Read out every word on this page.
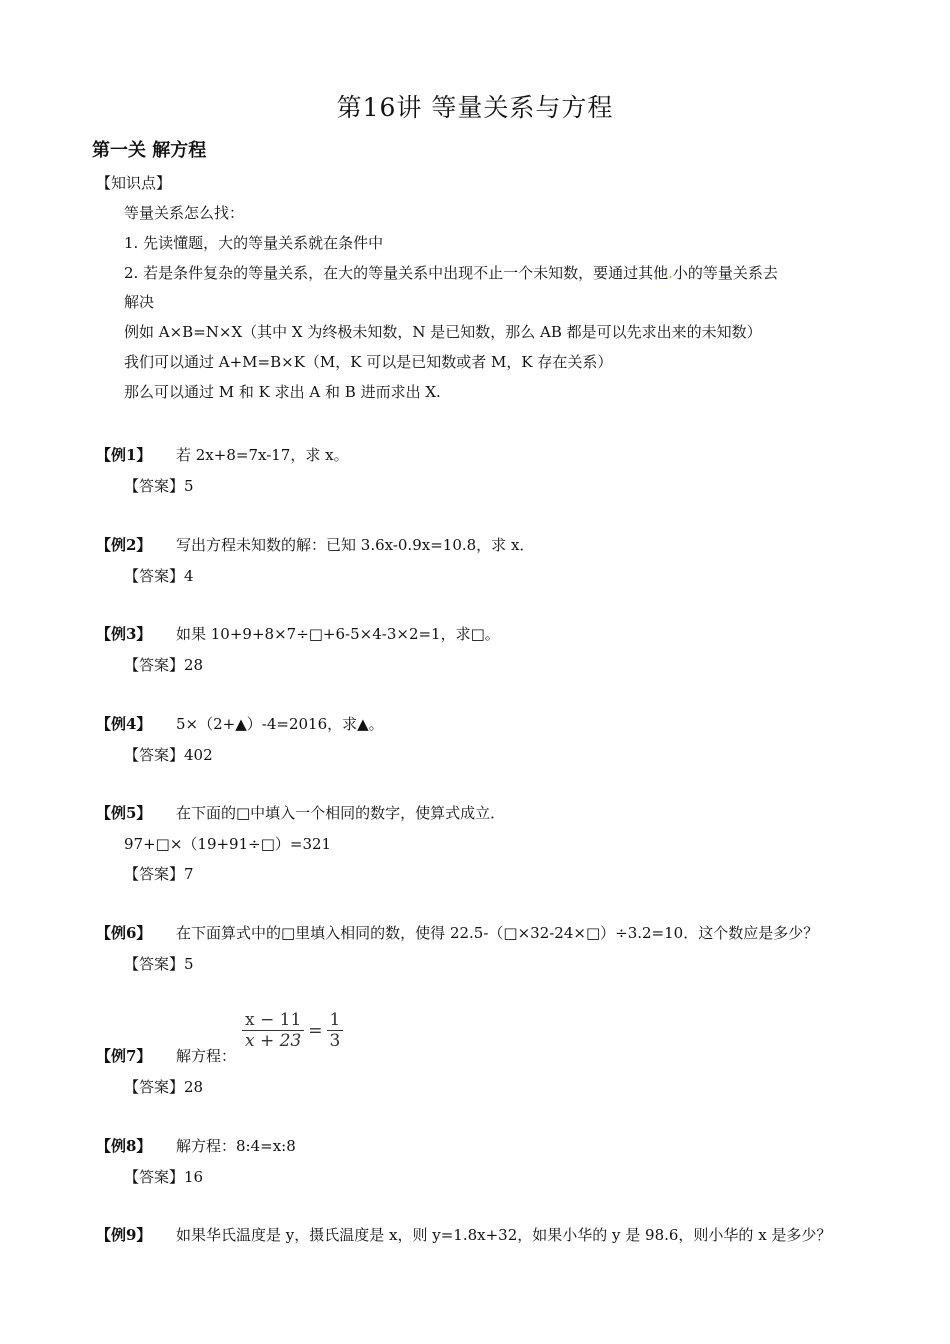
第16讲 等量关系与方程
第一关 解方程
【知识点】
等量关系怎么找：
1. 先读懂题，大的等量关系就在条件中
2. 若是条件复杂的等量关系，在大的等量关系中出现不止一个未知数，要通过其他.小的等量关系去
解决
例如 A×B=N×X（其中 X 为终极未知数，N 是已知数，那么 AB 都是可以先求出来的未知数）
我们可以通过 A+M=B×K（M，K 可以是已知数或者 M，K 存在关系）
那么可以通过 M 和 K 求出 A 和 B 进而求出 X.
【例1】 若 2x+8=7x-17，求 x。
【答案】5
【例2】 写出方程未知数的解：已知 3.6x-0.9x=10.8，求 x．
【答案】4
【例3】 如果 10+9+8×7÷□+6-5×4-3×2=1，求□。
【答案】28
【例4】 5×（2+▲）-4=2016，求▲。
【答案】402
【例5】 在下面的□中填入一个相同的数字，使算式成立．
97+□×（19+91÷□）=321
【答案】7
【例6】 在下面算式中的□里填入相同的数，使得 22.5-（□×32-24×□）÷3.2=10．这个数应是多少？
【答案】5
x − 11	=	1
x + 23		3
【例7】 解方程：
【答案】28
【例8】 解方程：8:4=x:8
【答案】16
【例9】 如果华氏温度是 y，摄氏温度是 x，则 y=1.8x+32，如果小华的 y 是 98.6，则小华的 x 是多少？
